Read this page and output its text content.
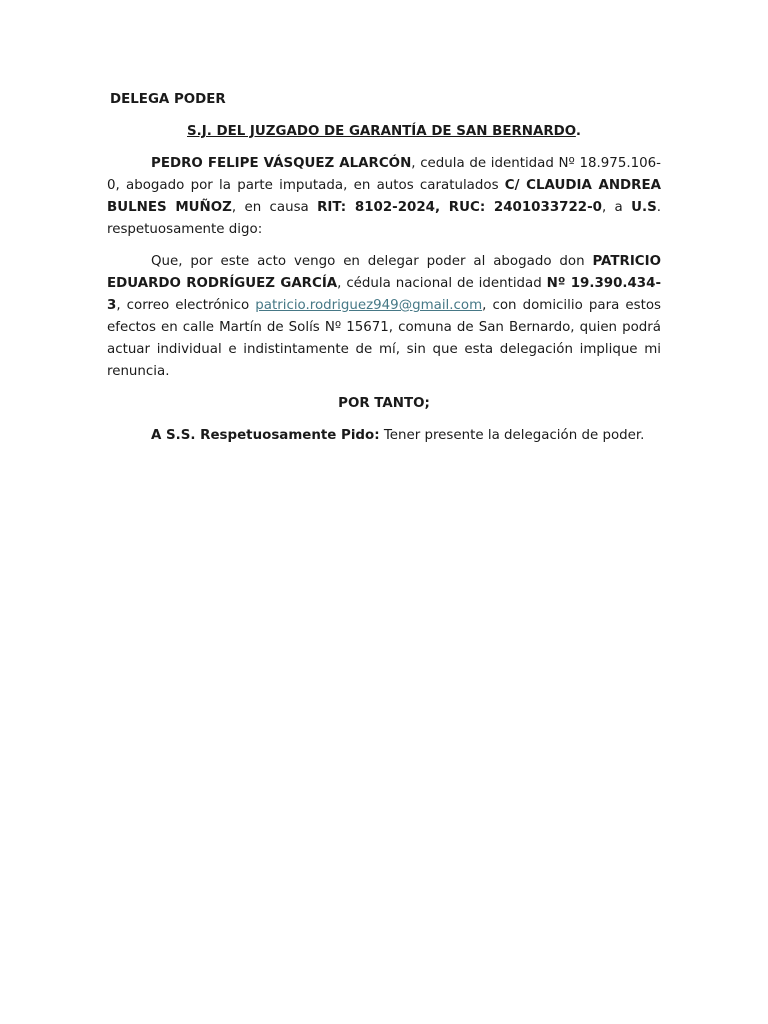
DELEGA PODER

S.J. DEL JUZGADO DE GARANTÍA DE SAN BERNARDO.

PEDRO FELIPE VÁSQUEZ ALARCÓN, cedula de identidad Nº 18.975.106- 0, abogado por la parte imputada, en autos caratulados C/ CLAUDIA ANDREA BULNES MUÑOZ, en causa RIT: 8102-2024, RUC: 2401033722-0, a U.S. respetuosamente digo:

Que, por este acto vengo en delegar poder al abogado don PATRICIO EDUARDO RODRÍGUEZ GARCÍA, cédula nacional de identidad Nº 19.390.434-3, correo electrónico patricio.rodriguez949@gmail.com, con domicilio para estos efectos en calle Martín de Solís Nº 15671, comuna de San Bernardo, quien podrá actuar individual e indistintamente de mí, sin que esta delegación implique mi renuncia.

POR TANTO;

A S.S. Respetuosamente Pido: Tener presente la delegación de poder.
